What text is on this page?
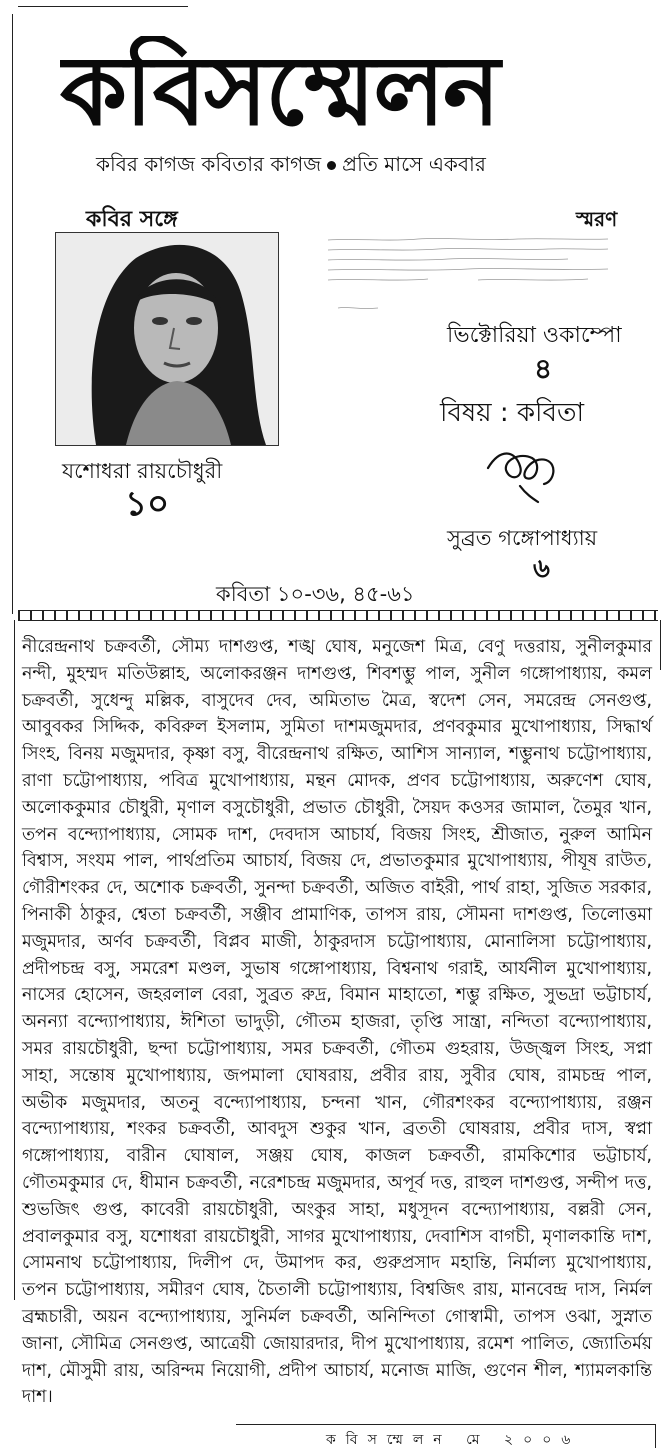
কবিসম্মেলন
কবির কাগজ কবিতার কাগজ প্রতি মাসে একবার
কবির সঙ্গে
যশোধরা রায়চৌধুরী
১০
স্মরণ
ভিক্টোরিয়া ওকাম্পো
৪
বিষয় : কবিতা
সুব্রত গঙ্গোপাধ্যায়
৬
কবিতা ১০-৩৬, ৪৫-৬১
নীরেন্দ্রনাথ চক্রবর্তী, সৌম্য দাশগুপ্ত, শঙ্খ ঘোষ, মনুজেশ মিত্র, বেণু দত্তরায়, সুনীলকুমার নন্দী, মুহম্মদ মতিউল্লাহ, অলোকরঞ্জন দাশগুপ্ত, শিবশম্ভু পাল, সুনীল গঙ্গোপাধ্যায়, কমল চক্রবর্তী, সুধেন্দু মল্লিক, বাসুদেব দেব, অমিতাভ মৈত্র, স্বদেশ সেন, সমরেন্দ্র সেনগুপ্ত, আবুবকর সিদ্দিক, কবিরুল ইসলাম, সুমিতা দাশমজুমদার, প্রণবকুমার মুখোপাধ্যায়, সিদ্ধার্থ সিংহ, বিনয় মজুমদার, কৃষ্ণা বসু, বীরেন্দ্রনাথ রক্ষিত, আশিস সান্যাল, শম্ভুনাথ চট্টোপাধ্যায়, রাণা চট্টোপাধ্যায়, পবিত্র মুখোপাধ্যায়, মন্থন মোদক, প্রণব চট্টোপাধ্যায়, অরুণেশ ঘোষ, অলোককুমার চৌধুরী, মৃণাল বসুচৌধুরী, প্রভাত চৌধুরী, সৈয়দ কওসর জামাল, তৈমুর খান, তপন বন্দ্যোপাধ্যায়, সোমক দাশ, দেবদাস আচার্য, বিজয় সিংহ, শ্রীজাত, নুরুল আমিন বিশ্বাস, সংযম পাল, পার্থপ্রতিম আচার্য, বিজয় দে, প্রভাতকুমার মুখোপাধ্যায়, পীযূষ রাউত, গৌরীশংকর দে, অশোক চক্রবর্তী, সুনন্দা চক্রবর্তী, অজিত বাইরী, পার্থ রাহা, সুজিত সরকার, পিনাকী ঠাকুর, শ্বেতা চক্রবর্তী, সঞ্জীব প্রামাণিক, তাপস রায়, সৌমনা দাশগুপ্ত, তিলোত্তমা মজুমদার, অর্ণব চক্রবর্তী, বিপ্লব মাজী, ঠাকুরদাস চট্টোপাধ্যায়, মোনালিসা চট্টোপাধ্যায়, প্রদীপচন্দ্র বসু, সমরেশ মণ্ডল, সুভাষ গঙ্গোপাধ্যায়, বিশ্বনাথ গরাই, আর্যনীল মুখোপাধ্যায়, নাসের হোসেন, জহরলাল বেরা, সুব্রত রুদ্র, বিমান মাহাতো, শম্ভু রক্ষিত, সুভদ্রা ভট্টাচার্য, অনন্যা বন্দ্যোপাধ্যায়, ঈশিতা ভাদুড়ী, গৌতম হাজরা, তৃপ্তি সান্ত্রা, নন্দিতা বন্দ্যোপাধ্যায়, সমর রায়চৌধুরী, ছন্দা চট্টোপাধ্যায়, সমর চক্রবর্তী, গৌতম গুহরায়, উজ্জ্বল সিংহ, সপ্না সাহা, সন্তোষ মুখোপাধ্যায়, জপমালা ঘোষরায়, প্রবীর রায়, সুবীর ঘোষ, রামচন্দ্র পাল, অভীক মজুমদার, অতনু বন্দ্যোপাধ্যায়, চন্দনা খান, গৌরশংকর বন্দ্যোপাধ্যায়, রঞ্জন বন্দ্যোপাধ্যায়, শংকর চক্রবর্তী, আবদুস শুকুর খান, ব্রততী ঘোষরায়, প্রবীর দাস, স্বপ্না গঙ্গোপাধ্যায়, বারীন ঘোষাল, সঞ্জয় ঘোষ, কাজল চক্রবর্তী, রামকিশোর ভট্টাচার্য, গৌতমকুমার দে, ধীমান চক্রবর্তী, নরেশচন্দ্র মজুমদার, অপূর্ব দত্ত, রাহুল দাশগুপ্ত, সন্দীপ দত্ত, শুভজিৎ গুপ্ত, কাবেরী রায়চৌধুরী, অংকুর সাহা, মধুসূদন বন্দ্যোপাধ্যায়, বল্লরী সেন, প্রবালকুমার বসু, যশোধরা রায়চৌধুরী, সাগর মুখোপাধ্যায়, দেবাশিস বাগচী, মৃণালকান্তি দাশ, সোমনাথ চট্টোপাধ্যায়, দিলীপ দে, উমাপদ কর, গুরুপ্রসাদ মহান্তি, নির্মাল্য মুখোপাধ্যায়, তপন চট্টোপাধ্যায়, সমীরণ ঘোষ, চৈতালী চট্টোপাধ্যায়, বিশ্বজিৎ রায়, মানবেন্দ্র দাস, নির্মল ব্রহ্মচারী, অয়ন বন্দ্যোপাধ্যায়, সুনির্মল চক্রবর্তী, অনিন্দিতা গোস্বামী, তাপস ওঝা, সুস্নাত জানা, সৌমিত্র সেনগুপ্ত, আত্রেয়ী জোয়ারদার, দীপ মুখোপাধ্যায়, রমেশ পালিত, জ্যোতির্ময় দাশ, মৌসুমী রায়, অরিন্দম নিয়োগী, প্রদীপ আচার্য, মনোজ মাজি, গুণেন শীল, শ্যামলকান্তি দাশ।
কবিসম্মেলন মে ২০০৬
